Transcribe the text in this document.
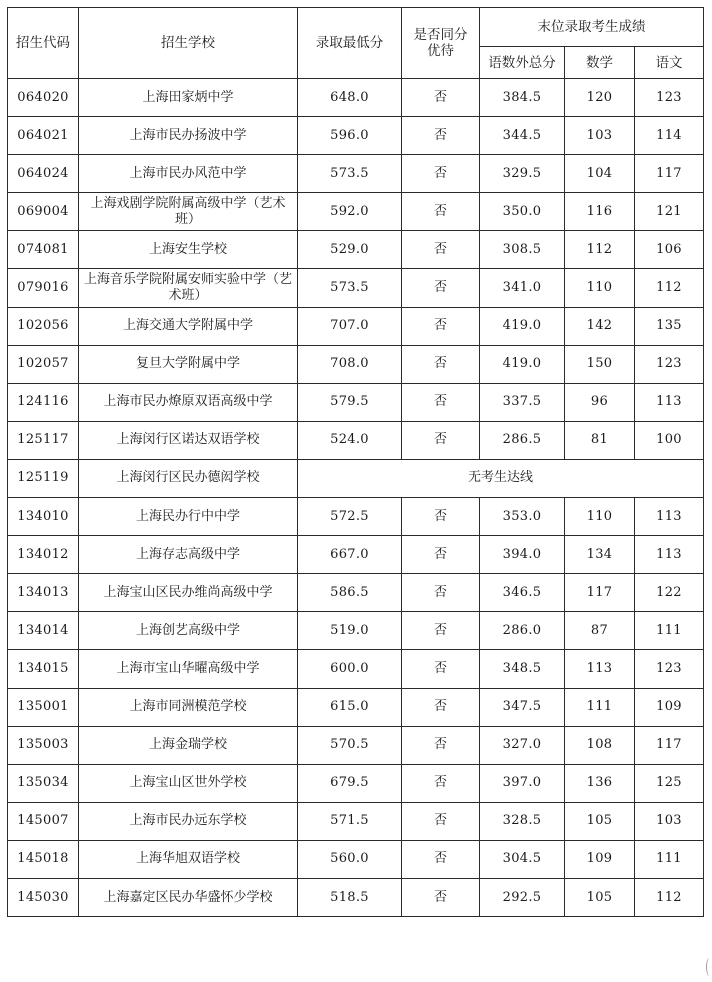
招生代码	招生学校	录取最低分	是否同分优待	末位录取考生成绩		
				语数外总分	数学	语文
064020	上海田家炳中学	648.0	否	384.5	120	123
064021	上海市民办扬波中学	596.0	否	344.5	103	114
064024	上海市民办风范中学	573.5	否	329.5	104	117
069004	上海戏剧学院附属高级中学（艺术班）	592.0	否	350.0	116	121
074081	上海安生学校	529.0	否	308.5	112	106
079016	上海音乐学院附属安师实验中学（艺术班）	573.5	否	341.0	110	112
102056	上海交通大学附属中学	707.0	否	419.0	142	135
102057	复旦大学附属中学	708.0	否	419.0	150	123
124116	上海市民办燎原双语高级中学	579.5	否	337.5	96	113
125117	上海闵行区诺达双语学校	524.0	否	286.5	81	100
125119	上海闵行区民办德闳学校	无考生达线				
134010	上海民办行中中学	572.5	否	353.0	110	113
134012	上海存志高级中学	667.0	否	394.0	134	113
134013	上海宝山区民办维尚高级中学	586.5	否	346.5	117	122
134014	上海创艺高级中学	519.0	否	286.0	87	111
134015	上海市宝山华曜高级中学	600.0	否	348.5	113	123
135001	上海市同洲模范学校	615.0	否	347.5	111	109
135003	上海金瑞学校	570.5	否	327.0	108	117
135034	上海宝山区世外学校	679.5	否	397.0	136	125
145007	上海市民办远东学校	571.5	否	328.5	105	103
145018	上海华旭双语学校	560.0	否	304.5	109	111
145030	上海嘉定区民办华盛怀少学校	518.5	否	292.5	105	112
